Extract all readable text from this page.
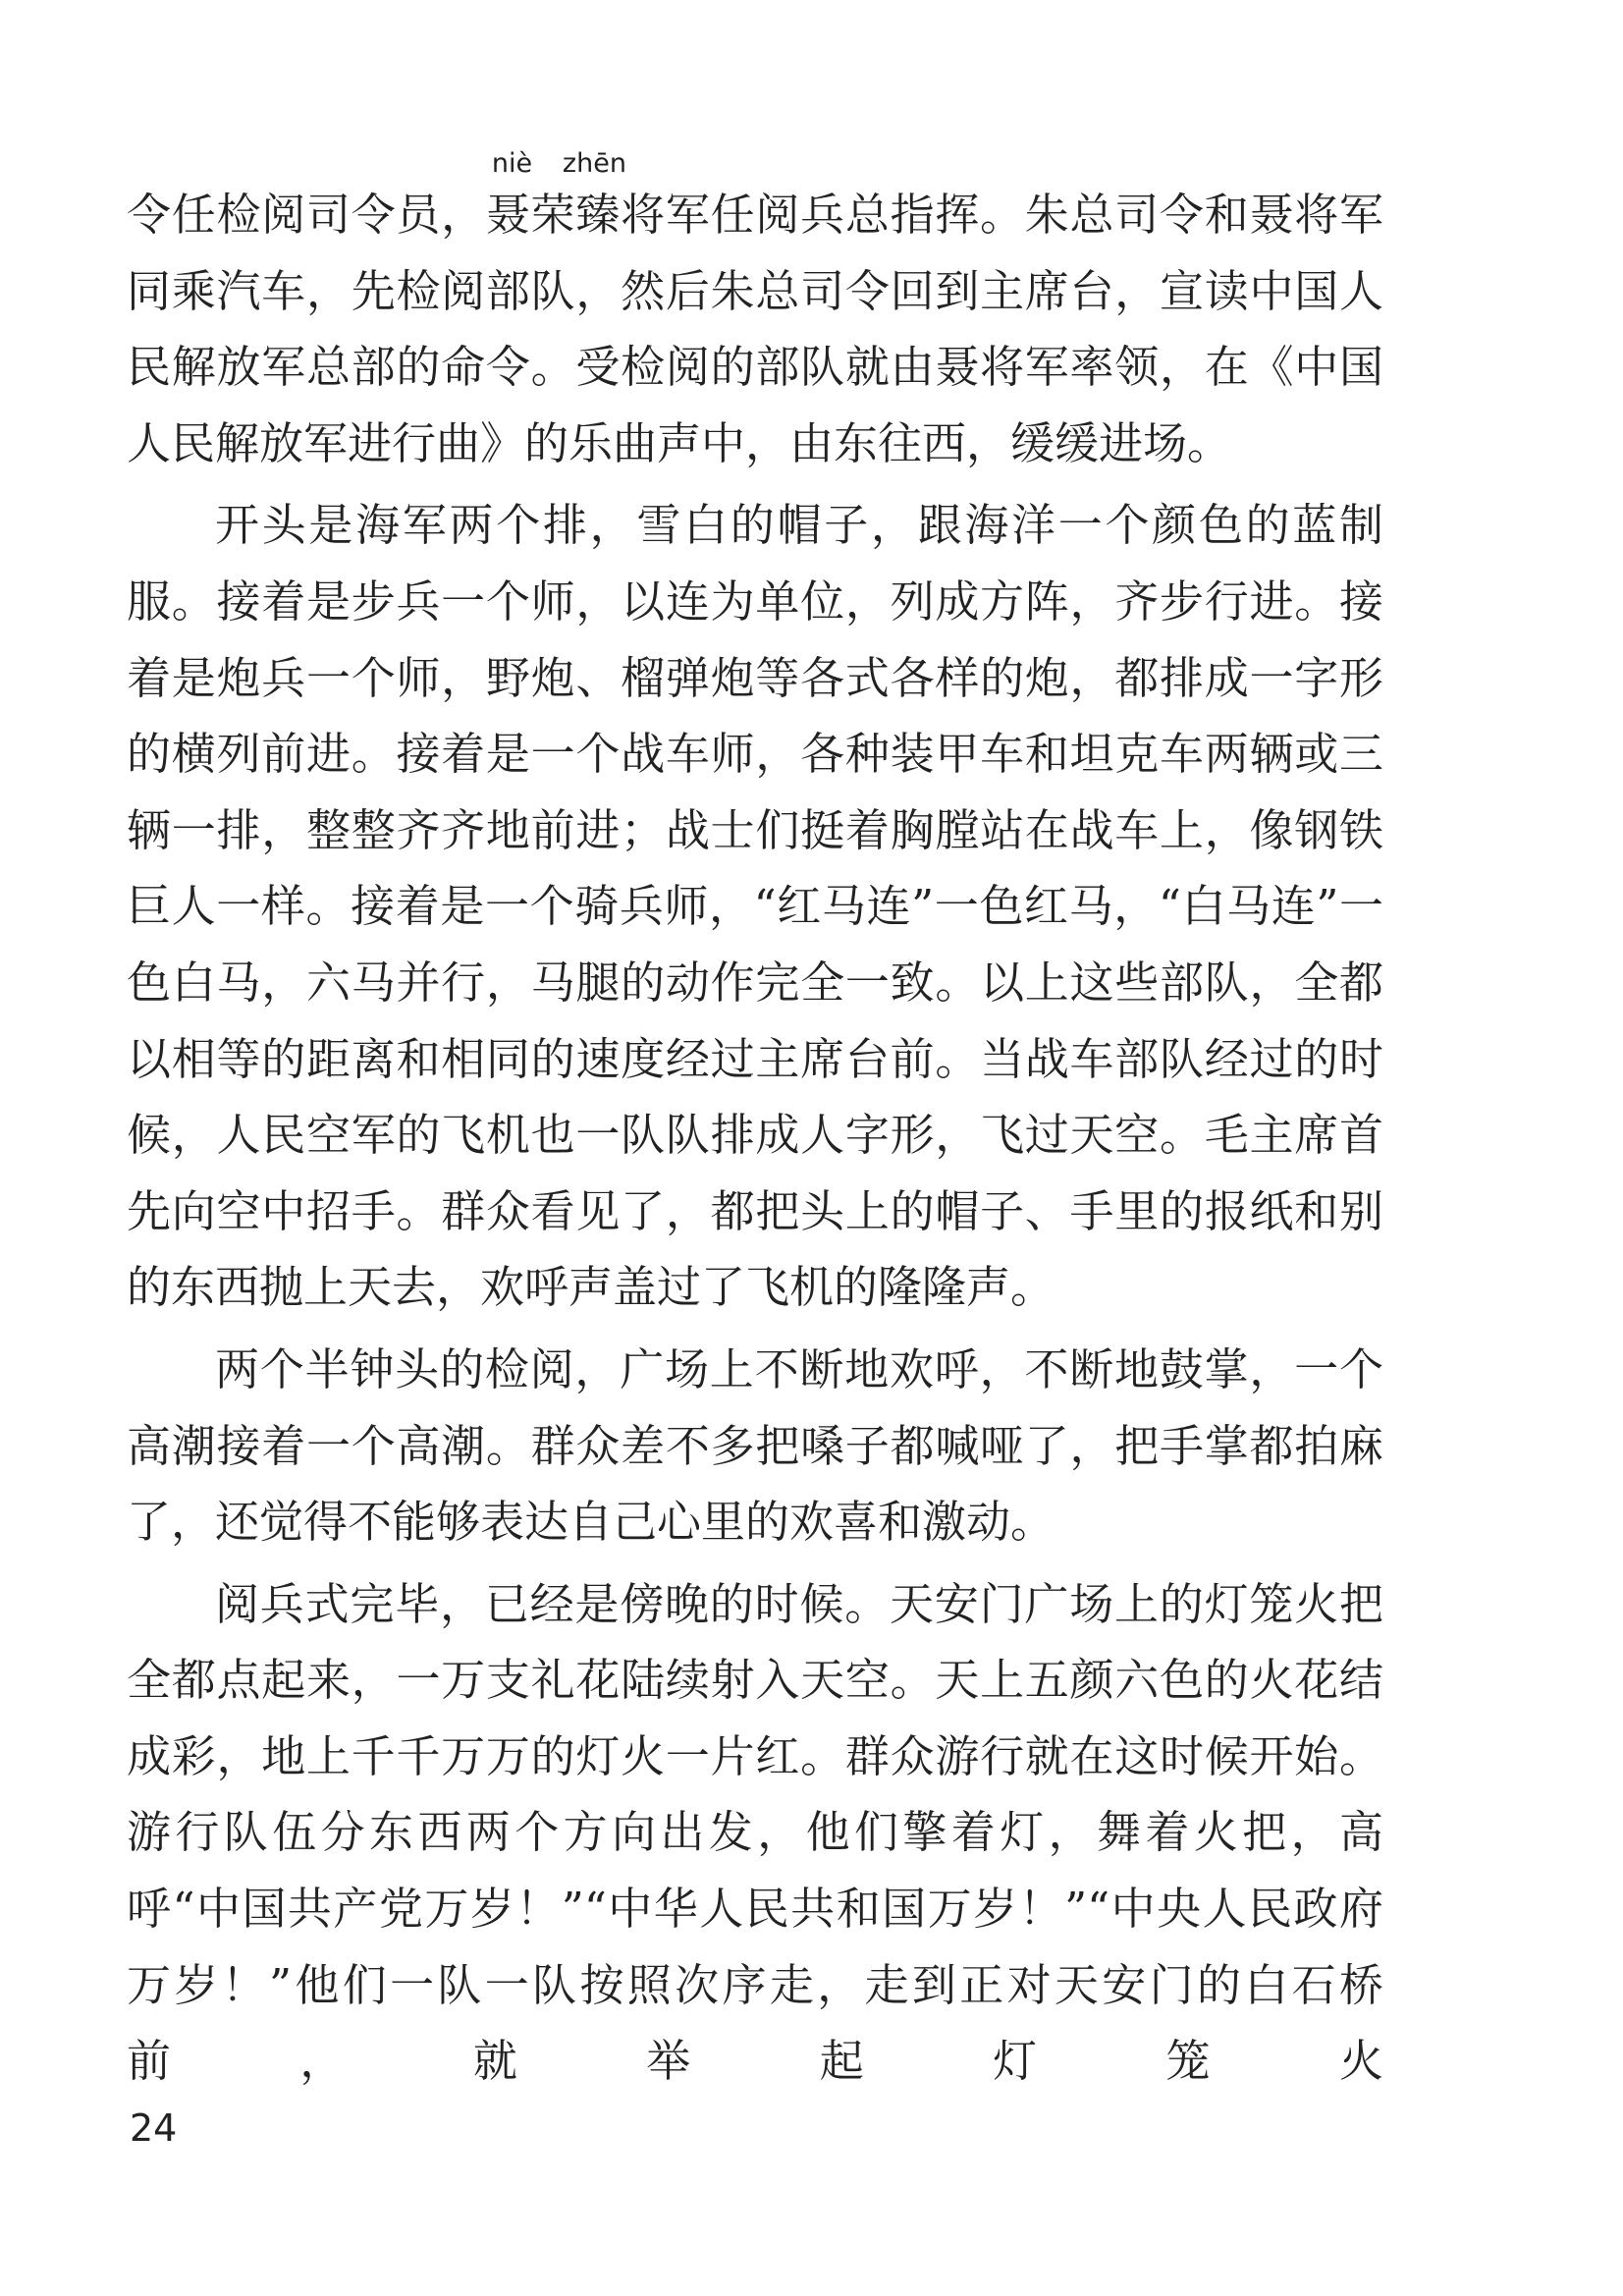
令任检阅司令员，
niè zhēn
聂荣臻将军任阅兵总指挥。朱总司令和聂将军同乘汽车，先检阅部队，然后朱总司令回到主席台，宣读中国人民解放军总部的命令。受检阅的部队就由聂将军率领，在《中国人民解放军进行曲》的乐曲声中，由东往西，缓缓进场。

开头是海军两个排，雪白的帽子，跟海洋一个颜色的蓝制服。接着是步兵一个师，以连为单位，列成方阵，齐步行进。接着是炮兵一个师，野炮、榴弹炮等各式各样的炮，都排成一字形的横列前进。接着是一个战车师，各种装甲车和坦克车两辆或三辆一排，整整齐齐地前进；战士们挺着胸膛站在战车上，像钢铁巨人一样。接着是一个骑兵师，“红马连”一色红马，“白马连”一色白马，六马并行，马腿的动作完全一致。以上这些部队，全都以相等的距离和相同的速度经过主席台前。当战车部队经过的时候，人民空军的飞机也一队队排成人字形，飞过天空。毛主席首先向空中招手。群众看见了，都把头上的帽子、手里的报纸和别的东西抛上天去，欢呼声盖过了飞机的隆隆声。

两个半钟头的检阅，广场上不断地欢呼，不断地鼓掌，一个高潮接着一个高潮。群众差不多把嗓子都喊哑了，把手掌都拍麻了，还觉得不能够表达自己心里的欢喜和激动。

阅兵式完毕，已经是傍晚的时候。天安门广场上的灯笼火把全都点起来，一万支礼花陆续射入天空。天上五颜六色的火花结成彩，地上千千万万的灯火一片红。群众游行就在这时候开始。游行队伍分东西两个方向出发，他们擎着灯，舞着火把，高呼“中国共产党万岁！”“中华人民共和国万岁！”“中央人民政府万岁！”他们一队一队按照次序走，走到正对天安门的白石桥前，就举起灯笼火

24
